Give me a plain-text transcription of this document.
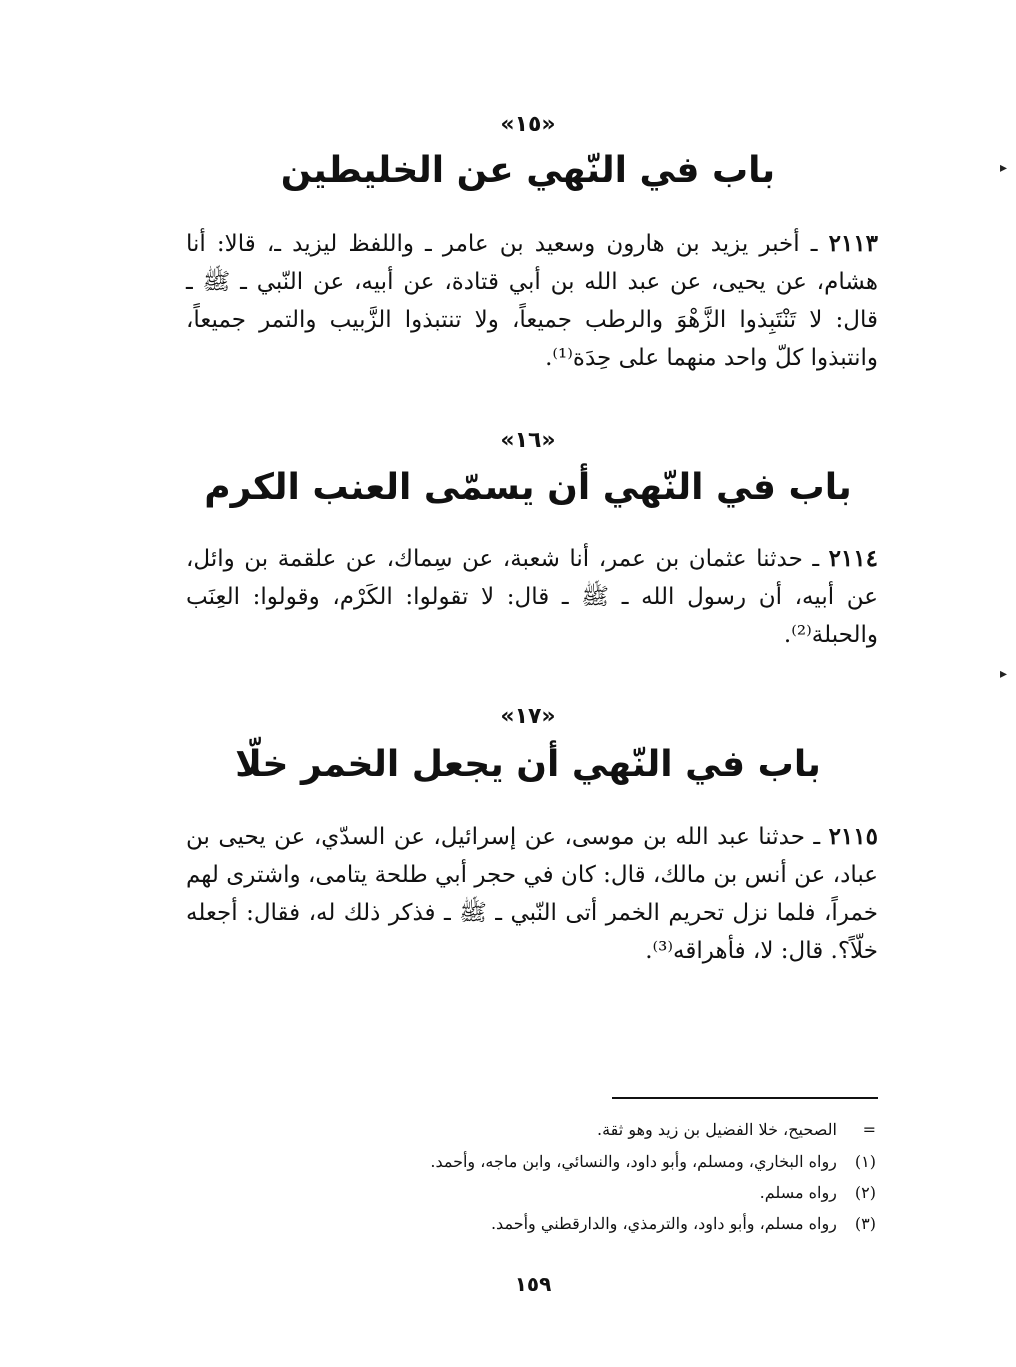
«١٥»
باب في النّهي عن الخليطين
٢١١٣ ـ أخبر يزيد بن هارون وسعيد بن عامر ـ واللفظ ليزيد ـ، قالا: أنا هشام، عن يحيى، عن عبد الله بن أبي قتادة، عن أبيه، عن النّبي ـ ﷺ ـ قال: لا تَنْتَبِذوا الزَّهْوَ والرطب جميعاً، ولا تنتبذوا الزَّبيب والتمر جميعاً، وانتبذوا كلّ واحد منهما على حِدَة⁽¹⁾.
«١٦»
باب في النّهي أن يسمّى العنب الكرم
٢١١٤ ـ حدثنا عثمان بن عمر، أنا شعبة، عن سِماك، عن علقمة بن وائل، عن أبيه، أن رسول الله ـ ﷺ ـ قال: لا تقولوا: الكَرْم، وقولوا: العِنَب والحبلة⁽²⁾.
«١٧»
باب في النّهي أن يجعل الخمر خلّا
٢١١٥ ـ حدثنا عبد الله بن موسى، عن إسرائيل، عن السدّي، عن يحيى بن عباد، عن أنس بن مالك، قال: كان في حجر أبي طلحة يتامى، واشترى لهم خمراً، فلما نزل تحريم الخمر أتى النّبي ـ ﷺ ـ فذكر ذلك له، فقال: أجعله خلّاً؟. قال: لا، فأهراقه⁽³⁾.
= الصحيح، خلا الفضيل بن زيد وهو ثقة.
(١) رواه البخاري، ومسلم، وأبو داود، والنسائي، وابن ماجه، وأحمد.
(٢) رواه مسلم.
(٣) رواه مسلم، وأبو داود، والترمذي، والدارقطني وأحمد.
١٥٩
▸
▸
